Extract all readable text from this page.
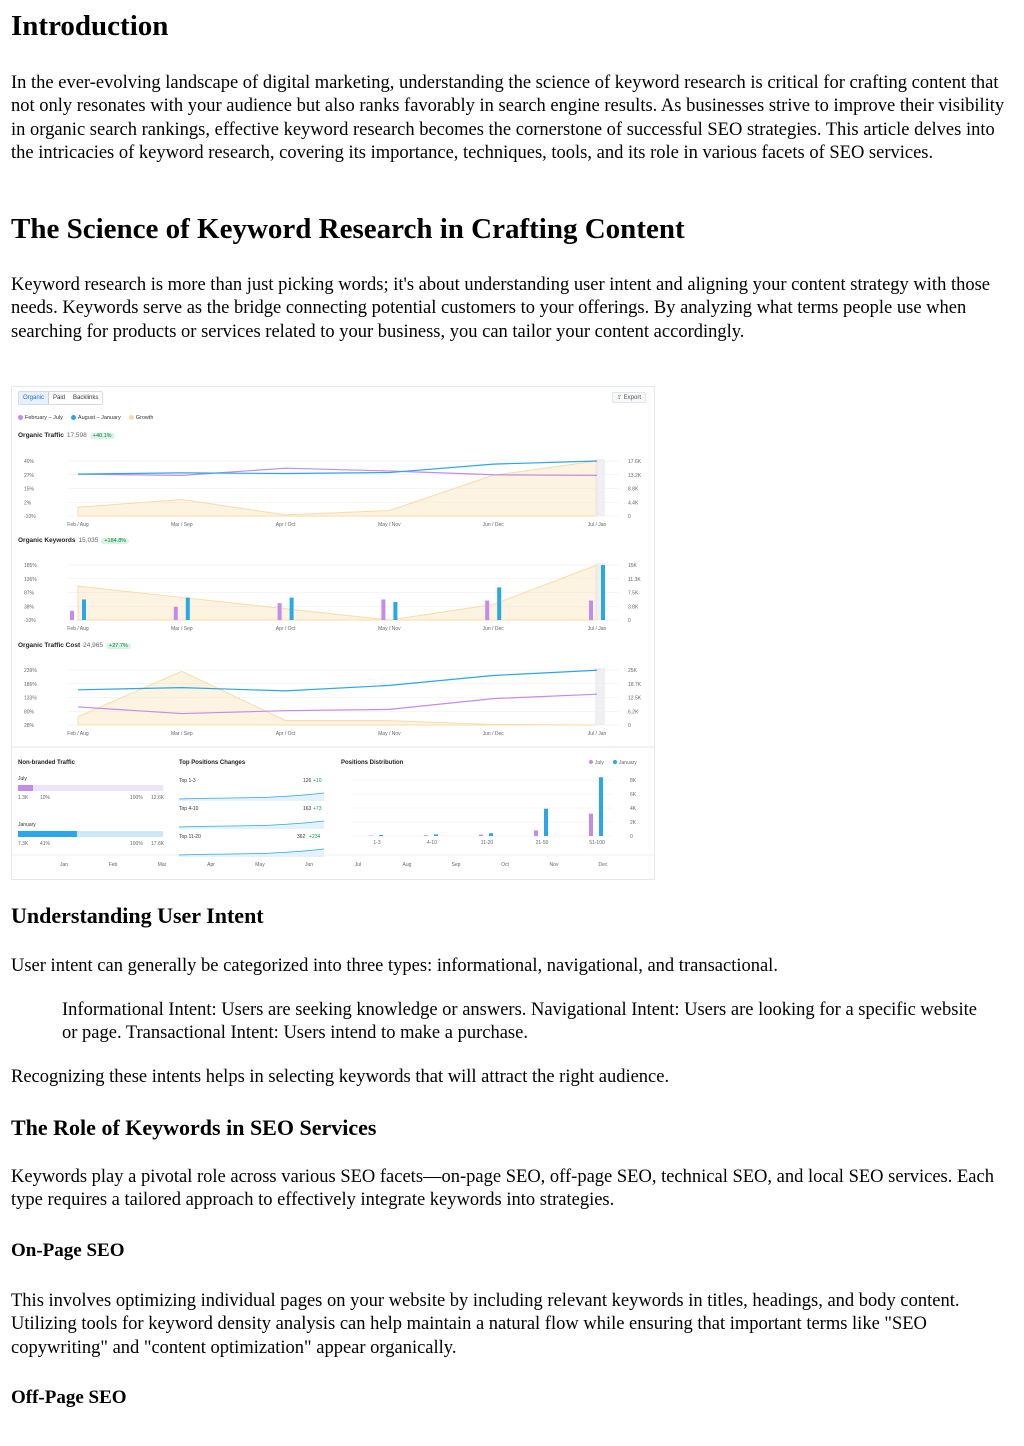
Introduction

In the ever-evolving landscape of digital marketing, understanding the science of keyword research is critical for crafting content that not only resonates with your audience but also ranks favorably in search engine results. As businesses strive to improve their visibility in organic search rankings, effective keyword research becomes the cornerstone of successful SEO strategies. This article delves into the intricacies of keyword research, covering its importance, techniques, tools, and its role in various facets of SEO services.

The Science of Keyword Research in Crafting Content

Keyword research is more than just picking words; it's about understanding user intent and aligning your content strategy with those needs. Keywords serve as the bridge connecting potential customers to your offerings. By analyzing what terms people use when searching for products or services related to your business, you can tailor your content accordingly.

Organic	Paid	Backlinks	⇪ Export
February – July	August – January	Growth
Organic Traffic 17,598 +40.1%
Organic Keywords 15,035 +184.8%
Organic Traffic Cost 24,965 +27.7%
40%	17.6K
27%	13.2K
15%	8.8K
2%	4.4K
-10%	0
Feb / Aug	Mar / Sep	Apr / Oct	May / Nov	Jun / Dec	Jul / Jan
185%	15K
136%	11.3K
87%	7.5K
38%	3.8K
-10%	0
Feb / Aug	Mar / Sep	Apr / Oct	May / Nov	Jun / Dec	Jul / Jan
239%	25K
186%	18.7K
133%	12.5K
80%	6.2K
28%	0
Feb / Aug	Mar / Sep	Apr / Oct	May / Nov	Jun / Dec	Jul / Jan
8K
6K
4K
2K
0
1-3	4-10	11-20	21-50	51-100
Jan	Feb	Mar	Apr	May	Jun	Jul	Aug	Sep	Oct	Nov	Dec
Non-branded Traffic	Top Positions Changes	Positions Distribution	July	January
July
1.3K 10%	100% 12.6K
January
7.3K 41%	100% 17.6K
Top 1-3	126 +10
Top 4-10	163 +73
Top 11-20	362 +234
Understanding User Intent

User intent can generally be categorized into three types: informational, navigational, and transactional.

Informational Intent: Users are seeking knowledge or answers. Navigational Intent: Users are looking for a specific website or page. Transactional Intent: Users intend to make a purchase.

Recognizing these intents helps in selecting keywords that will attract the right audience.

The Role of Keywords in SEO Services

Keywords play a pivotal role across various SEO facets—on-page SEO, off-page SEO, technical SEO, and local SEO services. Each type requires a tailored approach to effectively integrate keywords into strategies.

On-Page SEO

This involves optimizing individual pages on your website by including relevant keywords in titles, headings, and body content. Utilizing tools for keyword density analysis can help maintain a natural flow while ensuring that important terms like "SEO copywriting" and "content optimization" appear organically.

Off-Page SEO
